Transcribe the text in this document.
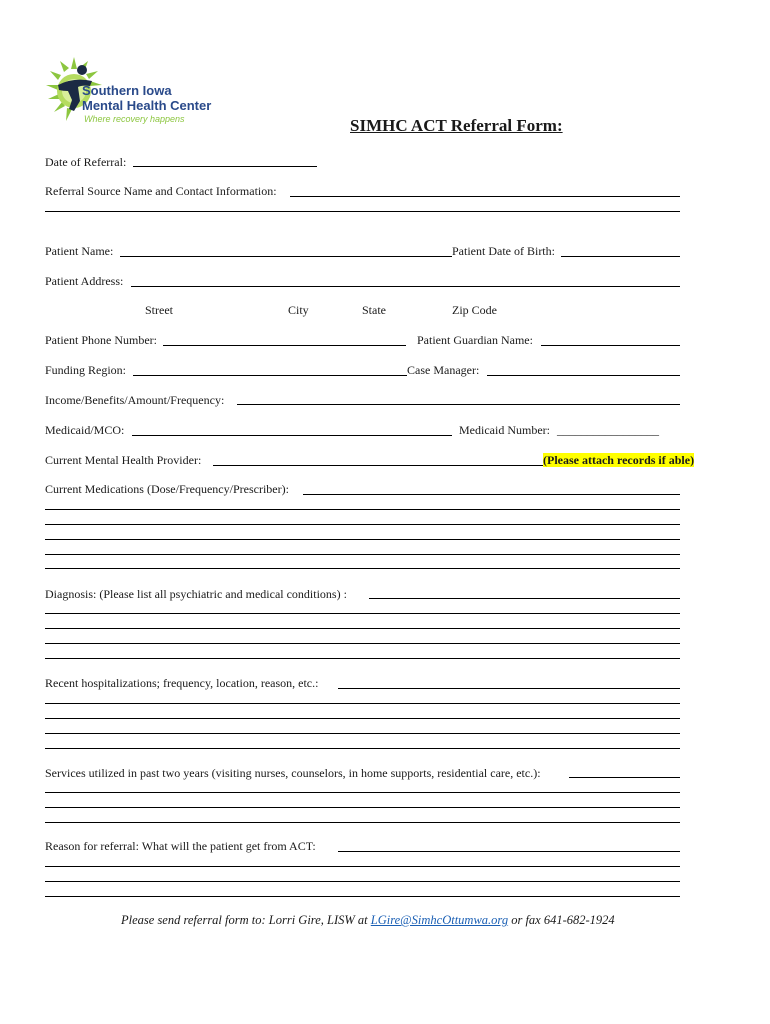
Southern Iowa
Mental Health Center
Where recovery happens	SIMHC ACT Referral Form:
Date of Referral:
Referral Source Name and Contact Information:
Patient Name:	Patient Date of Birth:
Patient Address:
Street	City	State	Zip Code
Patient Phone Number:	Patient Guardian Name:
Funding Region:	Case Manager:
Income/Benefits/Amount/Frequency:
Medicaid/MCO:	Medicaid Number: _________________
Current Mental Health Provider:	(Please attach records if able)
Current Medications (Dose/Frequency/Prescriber):
Diagnosis: (Please list all psychiatric and medical conditions) :
Recent hospitalizations; frequency, location, reason, etc.:
Services utilized in past two years (visiting nurses, counselors, in home supports, residential care, etc.):
Reason for referral: What will the patient get from ACT:
Please send referral form to: Lorri Gire, LISW at LGire@SimhcOttumwa.org or fax 641-682-1924
